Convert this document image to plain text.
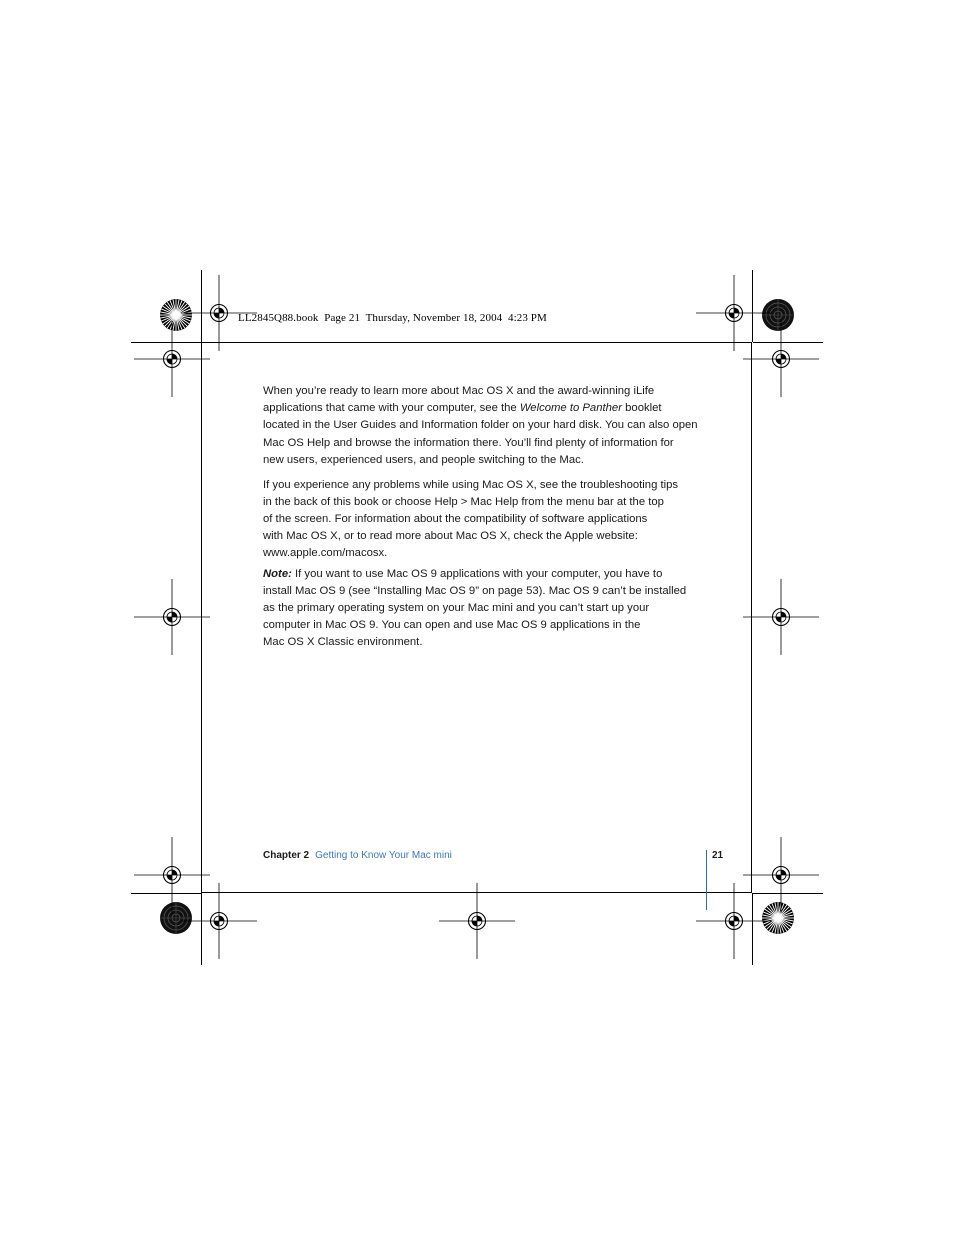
LL2845Q88.book  Page 21  Thursday, November 18, 2004  4:23 PM

When you’re ready to learn more about Mac OS X and the award-winning iLife
applications that came with your computer, see the Welcome to Panther booklet
located in the User Guides and Information folder on your hard disk. You can also open
Mac OS Help and browse the information there. You’ll find plenty of information for
new users, experienced users, and people switching to the Mac.

If you experience any problems while using Mac OS X, see the troubleshooting tips
in the back of this book or choose Help > Mac Help from the menu bar at the top
of the screen. For information about the compatibility of software applications
with Mac OS X, or to read more about Mac OS X, check the Apple website:
www.apple.com/macosx.

Note: If you want to use Mac OS 9 applications with your computer, you have to
install Mac OS 9 (see “Installing Mac OS 9” on page 53). Mac OS 9 can’t be installed
as the primary operating system on your Mac mini and you can’t start up your
computer in Mac OS 9. You can open and use Mac OS 9 applications in the
Mac OS X Classic environment.

Chapter 2 Getting to Know Your Mac mini	21
